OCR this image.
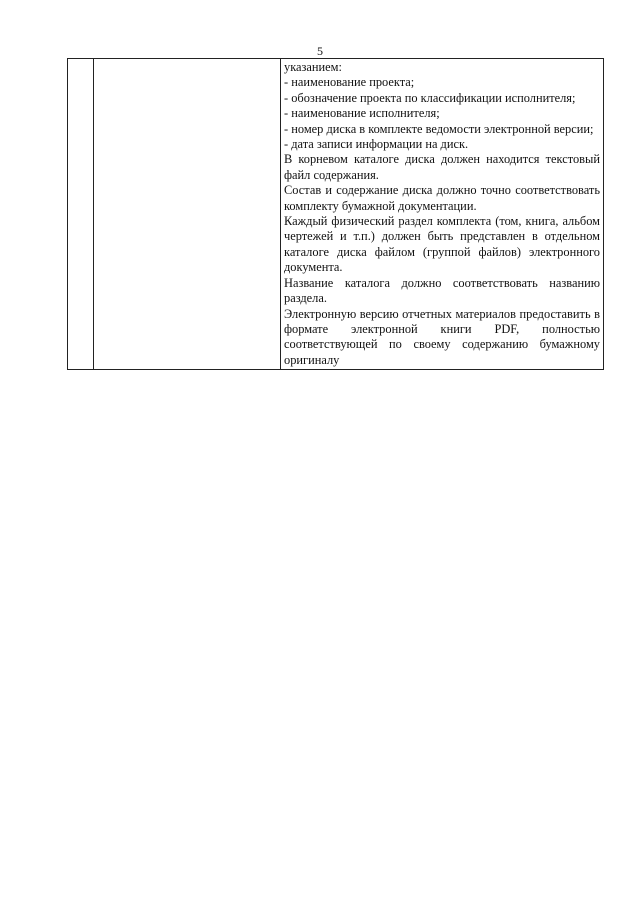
5

указанием:

- наименование проекта;

- обозначение проекта по классификации исполнителя;

- наименование исполнителя;

- номер диска в комплекте ведомости электронной версии;

- дата записи информации на диск.

В корневом каталоге диска должен находится текстовый файл содержания.

Состав и содержание диска должно точно соответствовать комплекту бумажной документации.

Каждый физический раздел комплекта (том, книга, альбом чертежей и т.п.) должен быть представлен в отдельном каталоге диска файлом (группой файлов) электронного документа.

Название каталога должно соответствовать названию раздела.

Электронную версию отчетных материалов предоставить в формате электронной книги PDF, полностью соответствующей по своему содержанию бумажному оригиналу
